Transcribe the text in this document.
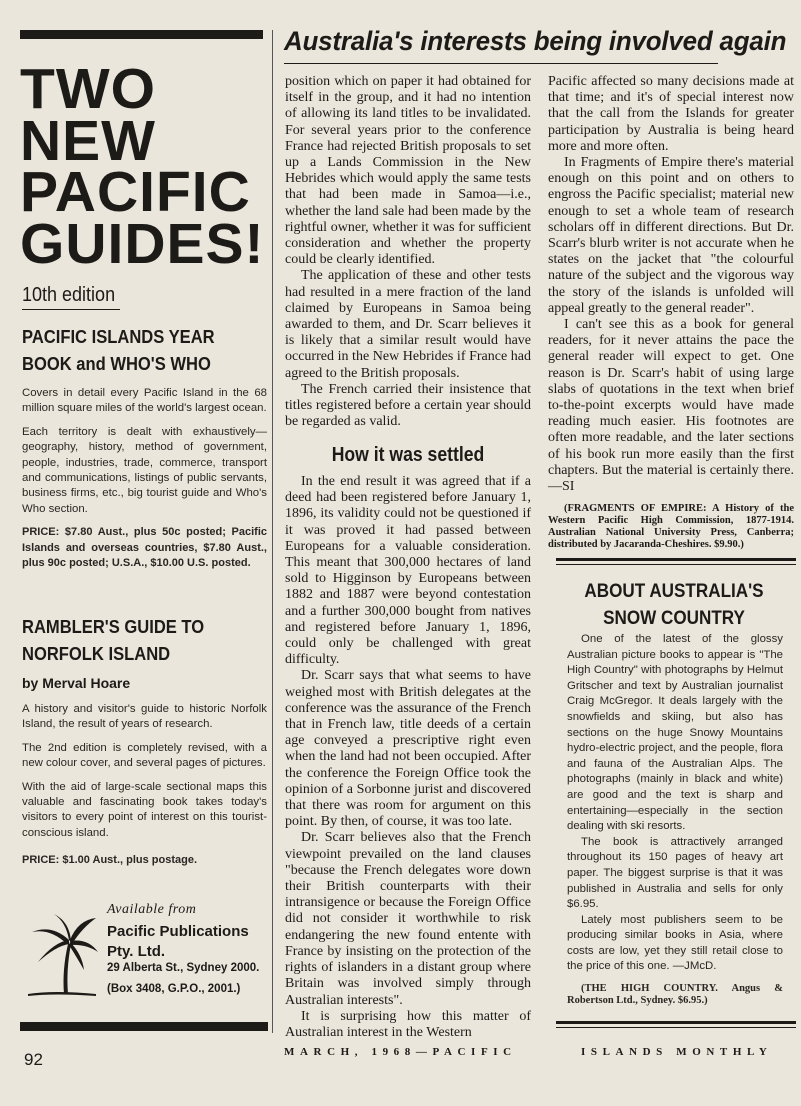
TWO
NEW
PACIFIC
GUIDES!
10th edition
PACIFIC ISLANDS YEAR BOOK and WHO'S WHO

Covers in detail every Pacific Island in the 68 million square miles of the world's largest ocean.

Each territory is dealt with exhaustively—geography, history, method of government, people, industries, trade, commerce, transport and communications, listings of public servants, business firms, etc., big tourist guide and Who's Who section.

PRICE: $7.80 Aust., plus 50c posted; Pacific Islands and overseas countries, $7.80 Aust., plus 90c posted; U.S.A., $10.00 U.S. posted.

RAMBLER'S GUIDE TO NORFOLK ISLAND
by Merval Hoare

A history and visitor's guide to historic Norfolk Island, the result of years of research.

The 2nd edition is completely revised, with a new colour cover, and several pages of pictures.

With the aid of large-scale sectional maps this valuable and fascinating book takes today's visitors to every point of interest on this tourist-conscious island.

PRICE: $1.00 Aust., plus postage.

Available from
Pacific Publications Pty. Ltd.
29 Alberta St., Sydney 2000.
(Box 3408, G.P.O., 2001.)
Australia's interests being involved again

position which on paper it had obtained for itself in the group, and it had no intention of allowing its land titles to be invalidated. For several years prior to the conference France had rejected British proposals to set up a Lands Commission in the New Hebrides which would apply the same tests that had been made in Samoa—i.e., whether the land sale had been made by the rightful owner, whether it was for sufficient consideration and whether the property could be clearly identified.

The application of these and other tests had resulted in a mere fraction of the land claimed by Europeans in Samoa being awarded to them, and Dr. Scarr believes it is likely that a similar result would have occurred in the New Hebrides if France had agreed to the British proposals.

The French carried their insistence that titles registered before a certain year should be regarded as valid.

How it was settled

In the end result it was agreed that if a deed had been registered before January 1, 1896, its validity could not be questioned if it was proved it had passed between Europeans for a valuable consideration. This meant that 300,000 hectares of land sold to Higginson by Europeans between 1882 and 1887 were beyond contestation and a further 300,000 bought from natives and registered before January 1, 1896, could only be challenged with great difficulty.

Dr. Scarr says that what seems to have weighed most with British delegates at the conference was the assurance of the French that in French law, title deeds of a certain age conveyed a prescriptive right even when the land had not been occupied. After the conference the Foreign Office took the opinion of a Sorbonne jurist and discovered that there was room for argument on this point. By then, of course, it was too late.

Dr. Scarr believes also that the French viewpoint prevailed on the land clauses "because the French delegates wore down their British counterparts with their intransigence or because the Foreign Office did not consider it worthwhile to risk endangering the new found entente with France by insisting on the protection of the rights of islanders in a distant group where Britain was involved simply through Australian interests".

It is surprising how this matter of Australian interest in the Western

Pacific affected so many decisions made at that time; and it's of special interest now that the call from the Islands for greater participation by Australia is being heard more and more often.

In Fragments of Empire there's material enough on this point and on others to engross the Pacific specialist; material new enough to set a whole team of research scholars off in different directions. But Dr. Scarr's blurb writer is not accurate when he states on the jacket that "the colourful nature of the subject and the vigorous way the story of the islands is unfolded will appeal greatly to the general reader".

I can't see this as a book for general readers, for it never attains the pace the general reader will expect to get. One reason is Dr. Scarr's habit of using large slabs of quotations in the text when brief to-the-point excerpts would have made reading much easier. His footnotes are often more readable, and the later sections of his book run more easily than the first chapters. But the material is certainly there.—SI

(FRAGMENTS OF EMPIRE: A History of the Western Pacific High Commission, 1877-1914. Australian National University Press, Canberra; distributed by Jacaranda-Cheshires. $9.90.)

ABOUT AUSTRALIA'S SNOW COUNTRY

One of the latest of the glossy Australian picture books to appear is "The High Country" with photographs by Helmut Gritscher and text by Australian journalist Craig McGregor. It deals largely with the snowfields and skiing, but also has sections on the huge Snowy Mountains hydro-electric project, and the people, flora and fauna of the Australian Alps. The photographs (mainly in black and white) are good and the text is sharp and entertaining—especially in the section dealing with ski resorts.

The book is attractively arranged throughout its 150 pages of heavy art paper. The biggest surprise is that it was published in Australia and sells for only $6.95.

Lately most publishers seem to be producing similar books in Asia, where costs are low, yet they still retail close to the price of this one. —JMcD.

(THE HIGH COUNTRY. Angus & Robertson Ltd., Sydney. $6.95.)

92	MARCH, 1968—PACIFIC	ISLANDS MONTHLY
